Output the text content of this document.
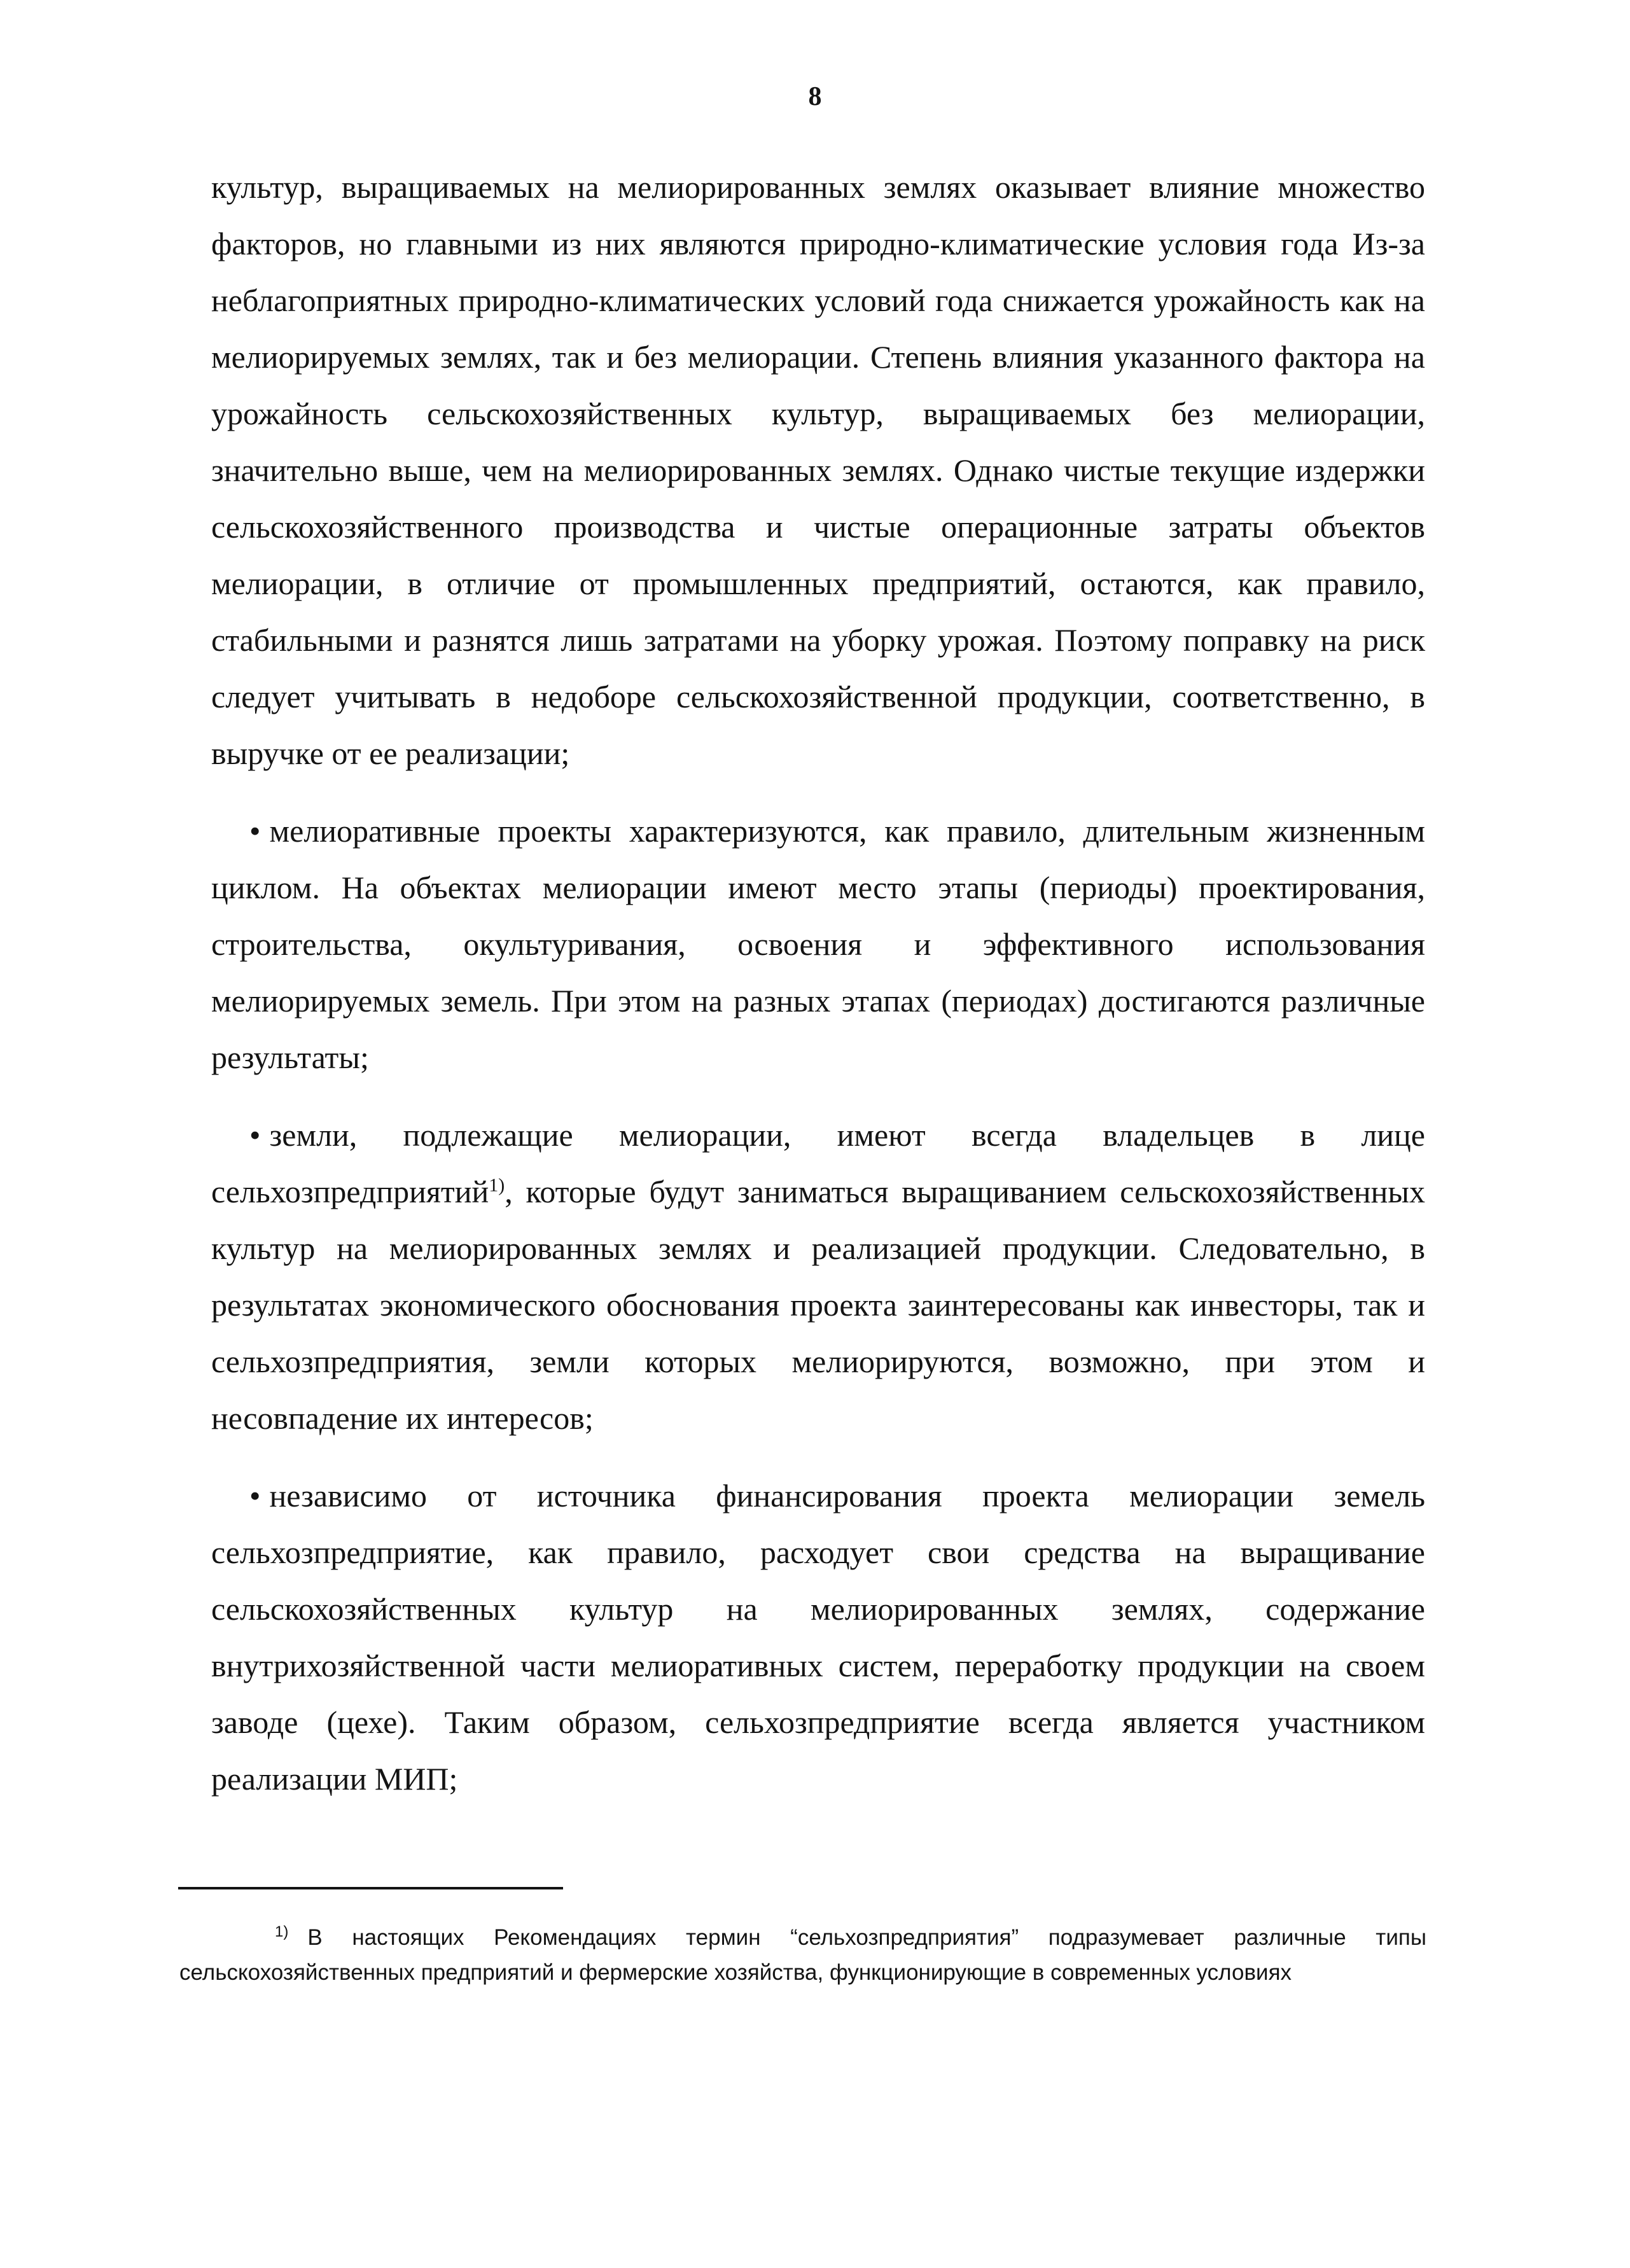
8

культур, выращиваемых на мелиорированных землях оказывает влияние множество факторов, но главными из них являются природно-климатические условия года Из-за неблагоприятных природно-климатических условий года снижается урожайность как на мелиорируемых землях, так и без мелиорации. Степень влияния указанного фактора на урожайность сельскохозяйственных культур, выращиваемых без мелиорации, значительно выше, чем на мелиорированных землях. Однако чистые текущие издержки сельскохозяйственного производства и чистые операционные затраты объектов мелиорации, в отличие от промышленных предприятий, остаются, как правило, стабильными и разнятся лишь затратами на уборку урожая. Поэтому поправку на риск следует учитывать в недоборе сельскохозяйственной продукции, соответственно, в выручке от ее реализации;

• мелиоративные проекты характеризуются, как правило, длительным жизненным циклом. На объектах мелиорации имеют место этапы (периоды) проектирования, строительства, окультуривания, освоения и эффективного использования мелиорируемых земель. При этом на разных этапах (периодах) достигаются различные результаты;

• земли, подлежащие мелиорации, имеют всегда владельцев в лице сельхозпредприятий$^{1)}$, которые будут заниматься выращиванием сельскохозяйственных культур на мелиорированных землях и реализацией продукции. Следовательно, в результатах экономического обоснования проекта заинтересованы как инвесторы, так и сельхозпредприятия, земли которых мелиорируются, возможно, при этом и несовпадение их интересов;

• независимо от источника финансирования проекта мелиорации земель сельхозпредприятие, как правило, расходует свои средства на выращивание сельскохозяйственных культур на мелиорированных землях, содержание внутрихозяйственной части мелиоративных систем, переработку продукции на своем заводе (цехе). Таким образом, сельхозпредприятие всегда является участником реализации МИП;

$^{1)}$ В настоящих Рекомендациях термин “сельхозпредприятия” подразумевает различные типы сельскохозяйственных предприятий и фермерские хозяйства, функционирующие в современных условиях
